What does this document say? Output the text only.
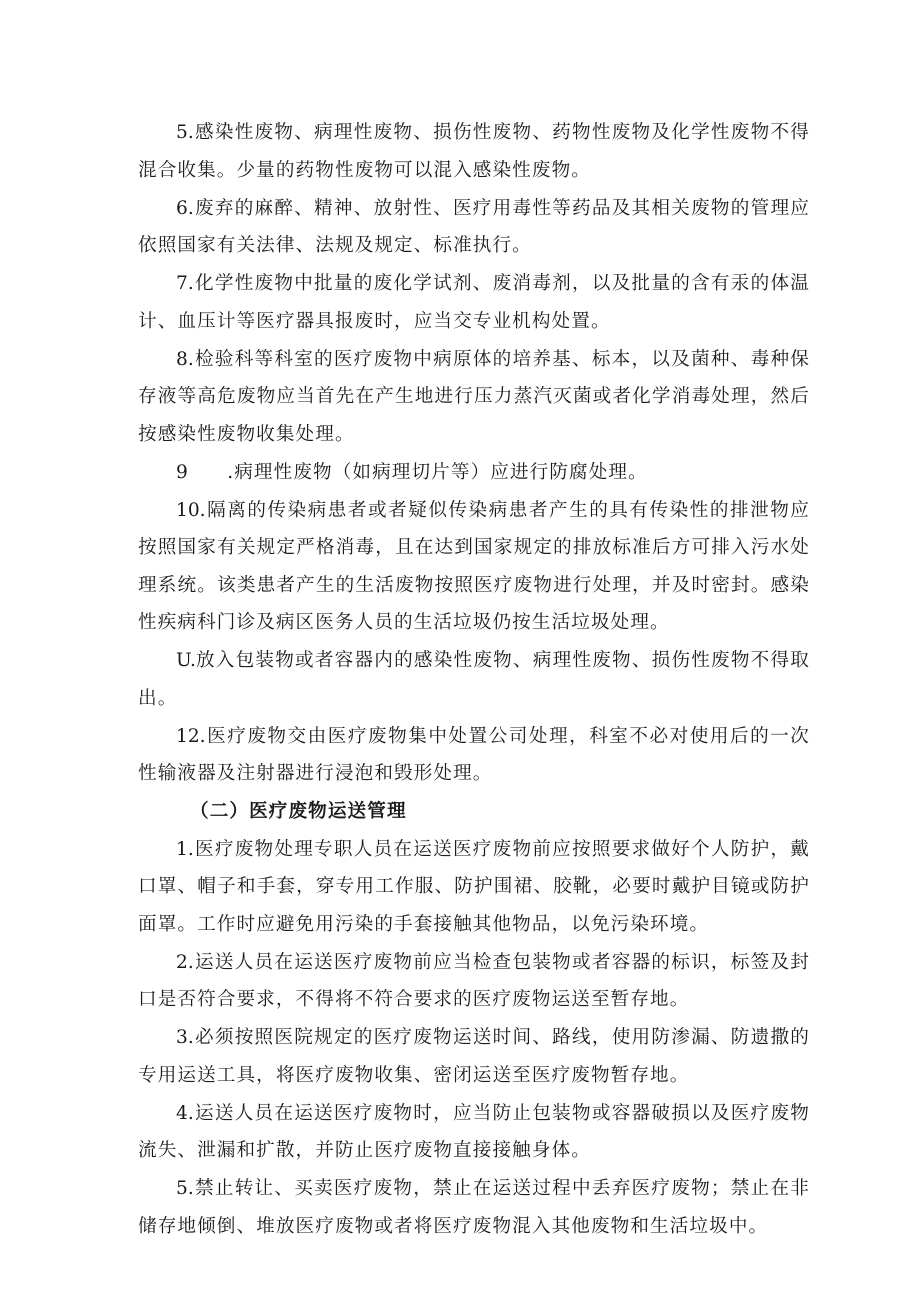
5.感染性废物、病理性废物、损伤性废物、药物性废物及化学性废物不得混合收集。少量的药物性废物可以混入感染性废物。

6.废弃的麻醉、精神、放射性、医疗用毒性等药品及其相关废物的管理应依照国家有关法律、法规及规定、标准执行。

7.化学性废物中批量的废化学试剂、废消毒剂，以及批量的含有汞的体温计、血压计等医疗器具报废时，应当交专业机构处置。

8.检验科等科室的医疗废物中病原体的培养基、标本，以及菌种、毒种保存液等高危废物应当首先在产生地进行压力蒸汽灭菌或者化学消毒处理，然后按感染性废物收集处理。

9　　.病理性废物（如病理切片等）应进行防腐处理。

10.隔离的传染病患者或者疑似传染病患者产生的具有传染性的排泄物应按照国家有关规定严格消毒，且在达到国家规定的排放标准后方可排入污水处理系统。该类患者产生的生活废物按照医疗废物进行处理，并及时密封。感染性疾病科门诊及病区医务人员的生活垃圾仍按生活垃圾处理。

U.放入包装物或者容器内的感染性废物、病理性废物、损伤性废物不得取出。

12.医疗废物交由医疗废物集中处置公司处理，科室不必对使用后的一次性输液器及注射器进行浸泡和毁形处理。

（二）医疗废物运送管理

1.医疗废物处理专职人员在运送医疗废物前应按照要求做好个人防护，戴口罩、帽子和手套，穿专用工作服、防护围裙、胶靴，必要时戴护目镜或防护面罩。工作时应避免用污染的手套接触其他物品，以免污染环境。

2.运送人员在运送医疗废物前应当检查包装物或者容器的标识，标签及封口是否符合要求，不得将不符合要求的医疗废物运送至暂存地。

3.必须按照医院规定的医疗废物运送时间、路线，使用防渗漏、防遗撒的专用运送工具，将医疗废物收集、密闭运送至医疗废物暂存地。

4.运送人员在运送医疗废物时，应当防止包装物或容器破损以及医疗废物流失、泄漏和扩散，并防止医疗废物直接接触身体。

5.禁止转让、买卖医疗废物，禁止在运送过程中丢弃医疗废物；禁止在非储存地倾倒、堆放医疗废物或者将医疗废物混入其他废物和生活垃圾中。
